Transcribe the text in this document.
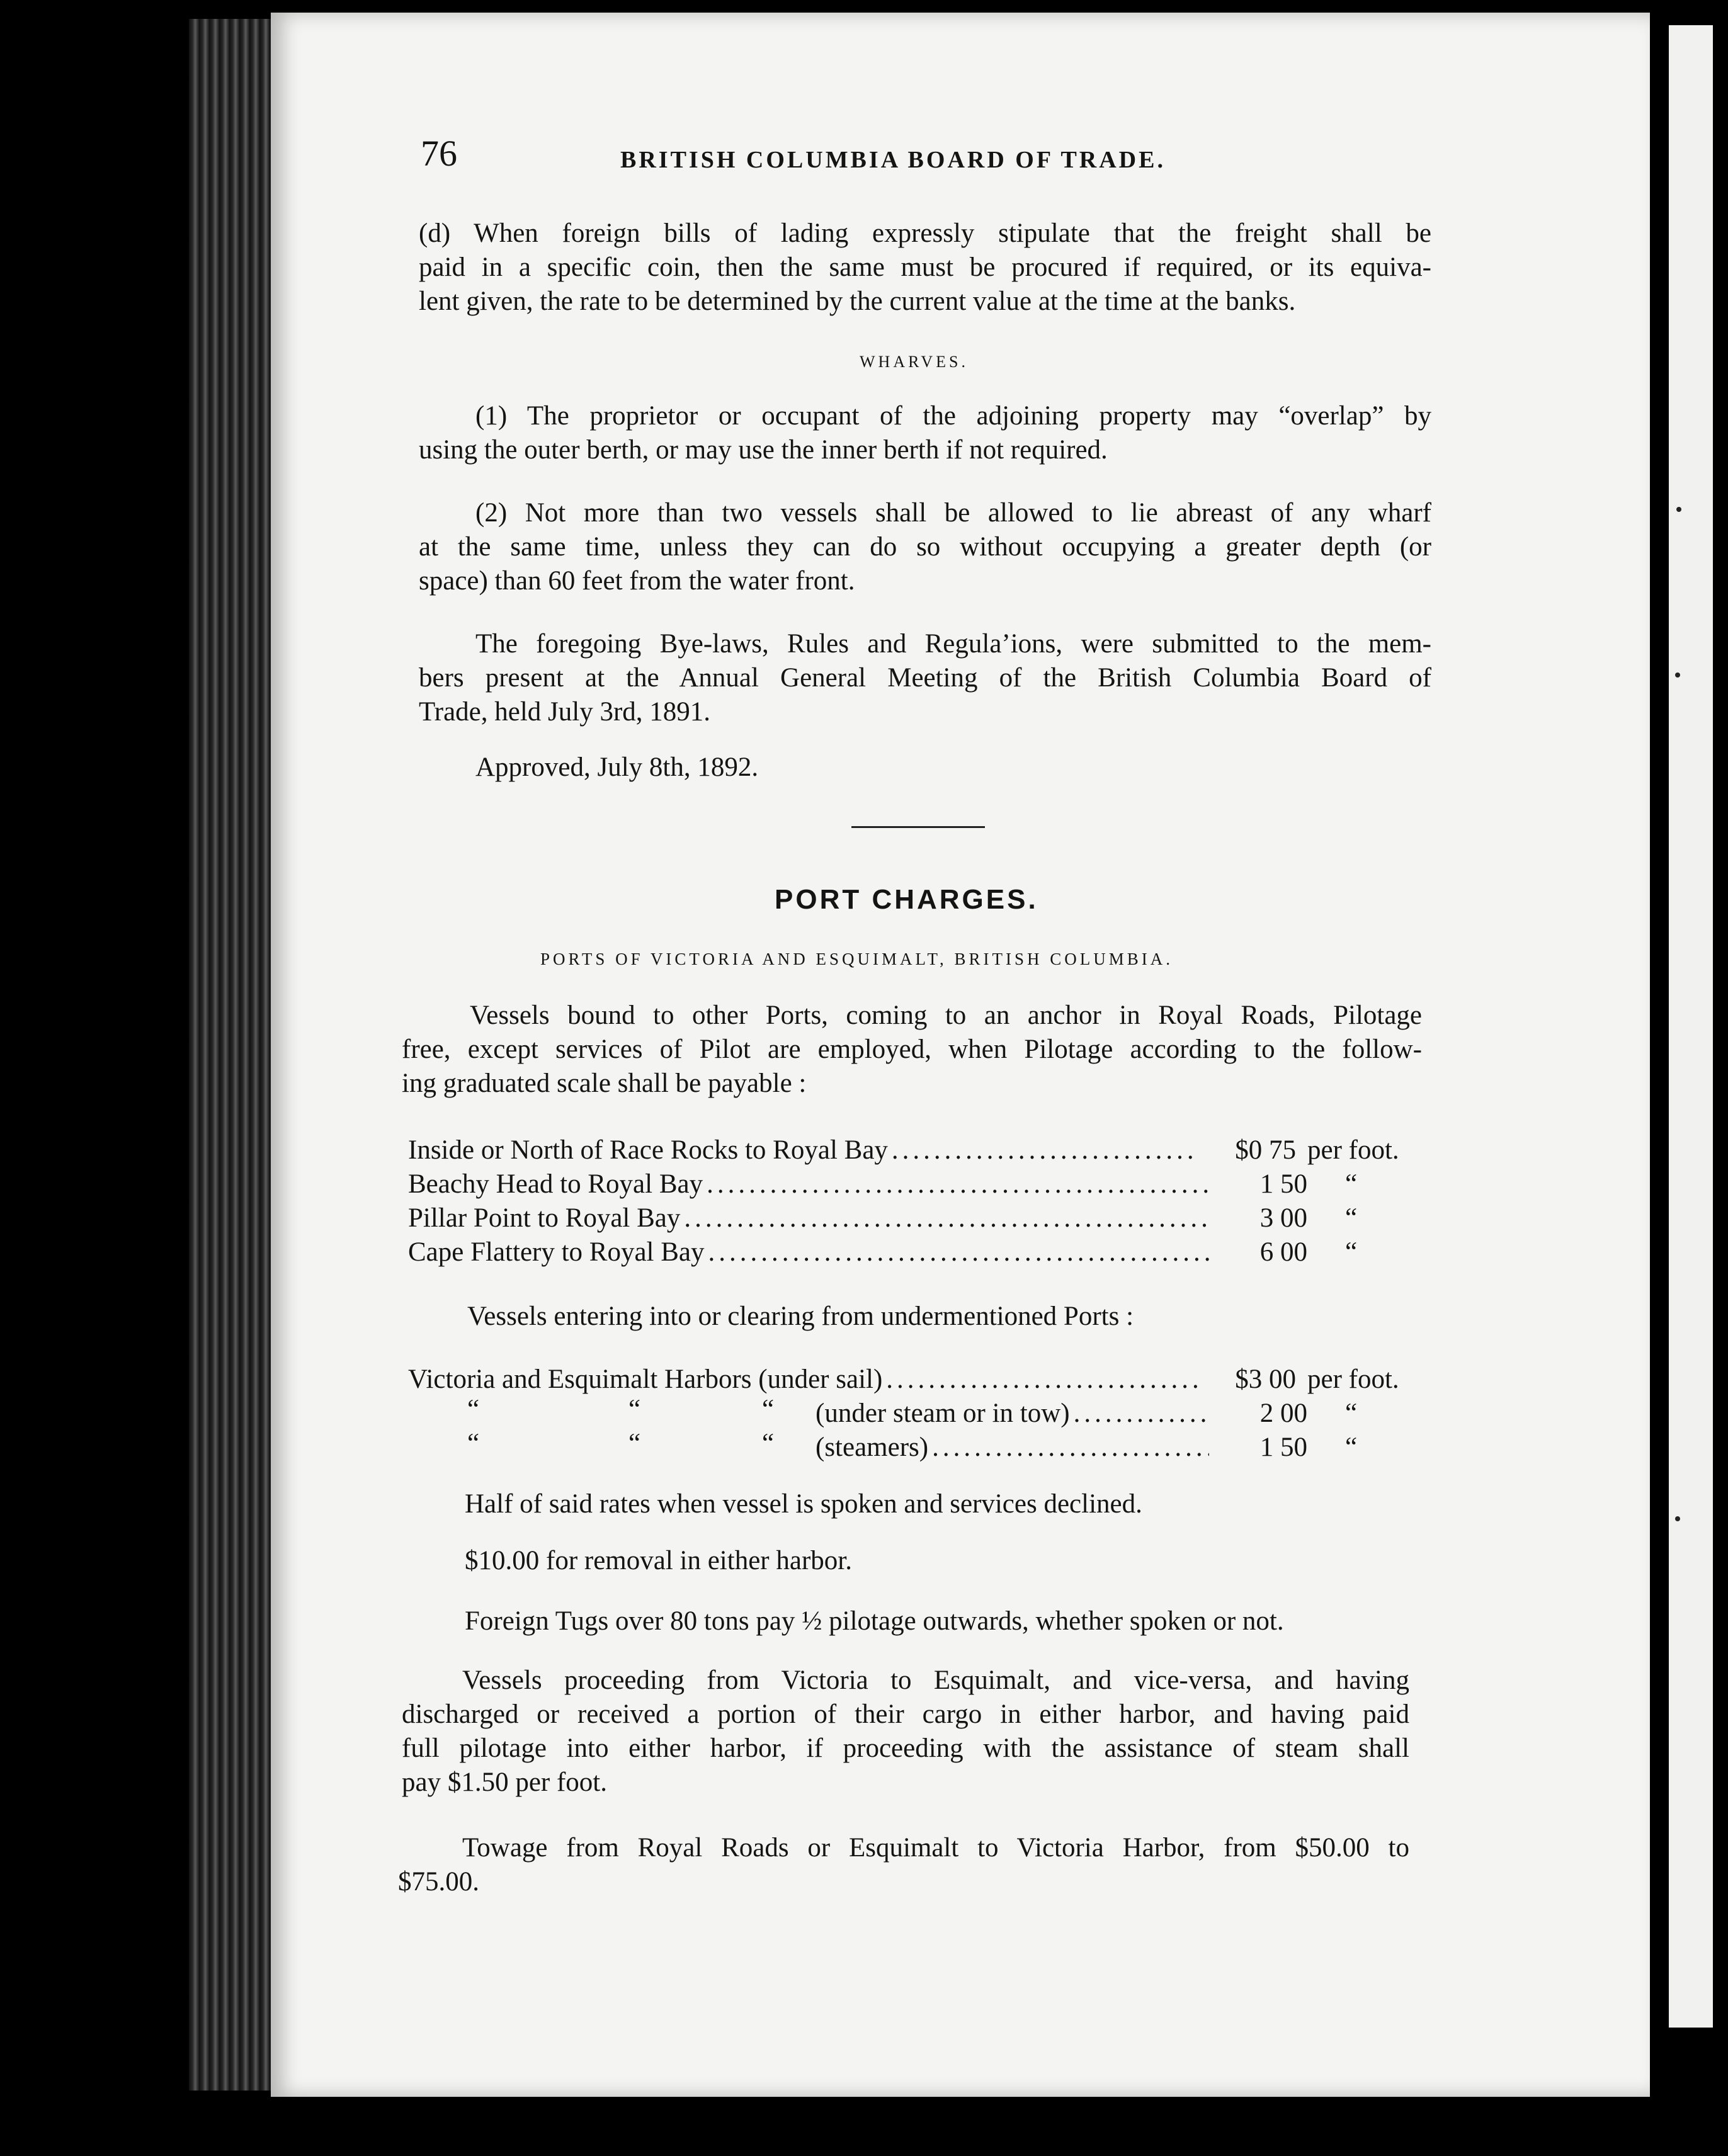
76	BRITISH COLUMBIA BOARD OF TRADE.
(d) When foreign bills of lading expressly stipulate that the freight shall be
paid in a specific coin, then the same must be procured if required, or its equiva-
lent given, the rate to be determined by the current value at the time at the banks.
WHARVES.
(1) The proprietor or occupant of the adjoining property may “overlap” by
using the outer berth, or may use the inner berth if not required.
(2) Not more than two vessels shall be allowed to lie abreast of any wharf
at the same time, unless they can do so without occupying a greater depth (or
space) than 60 feet from the water front.
The foregoing Bye-laws, Rules and Regula’ions, were submitted to the mem-
bers present at the Annual General Meeting of the British Columbia Board of
Trade, held July 3rd, 1891.
Approved, July 8th, 1892.
PORT CHARGES.
PORTS OF VICTORIA AND ESQUIMALT, BRITISH COLUMBIA.
Vessels bound to other Ports, coming to an anchor in Royal Roads, Pilotage
free, except services of Pilot are employed, when Pilotage according to the follow-
ing graduated scale shall be payable :
Inside or North of Race Rocks to Royal Bay .....	$0 75 per foot.
Beachy Head to Royal Bay .....	1 50	“
Pillar Point to Royal Bay .....	3 00	“
Cape Flattery to Royal Bay .....	6 00	“
Vessels entering into or clearing from undermentioned Ports :
Victoria and Esquimalt Harbors (under sail) .....	$3 00 per foot.
“	“	“ (under steam or in tow) .....	2 00	“
“	“	“ (steamers) .....	1 50	“
Half of said rates when vessel is spoken and services declined.
$10.00 for removal in either harbor.
Foreign Tugs over 80 tons pay ½ pilotage outwards, whether spoken or not.
Vessels proceeding from Victoria to Esquimalt, and vice-versa, and having
discharged or received a portion of their cargo in either harbor, and having paid
full pilotage into either harbor, if proceeding with the assistance of steam shall
pay $1.50 per foot.
Towage from Royal Roads or Esquimalt to Victoria Harbor, from $50.00 to
$75.00.
